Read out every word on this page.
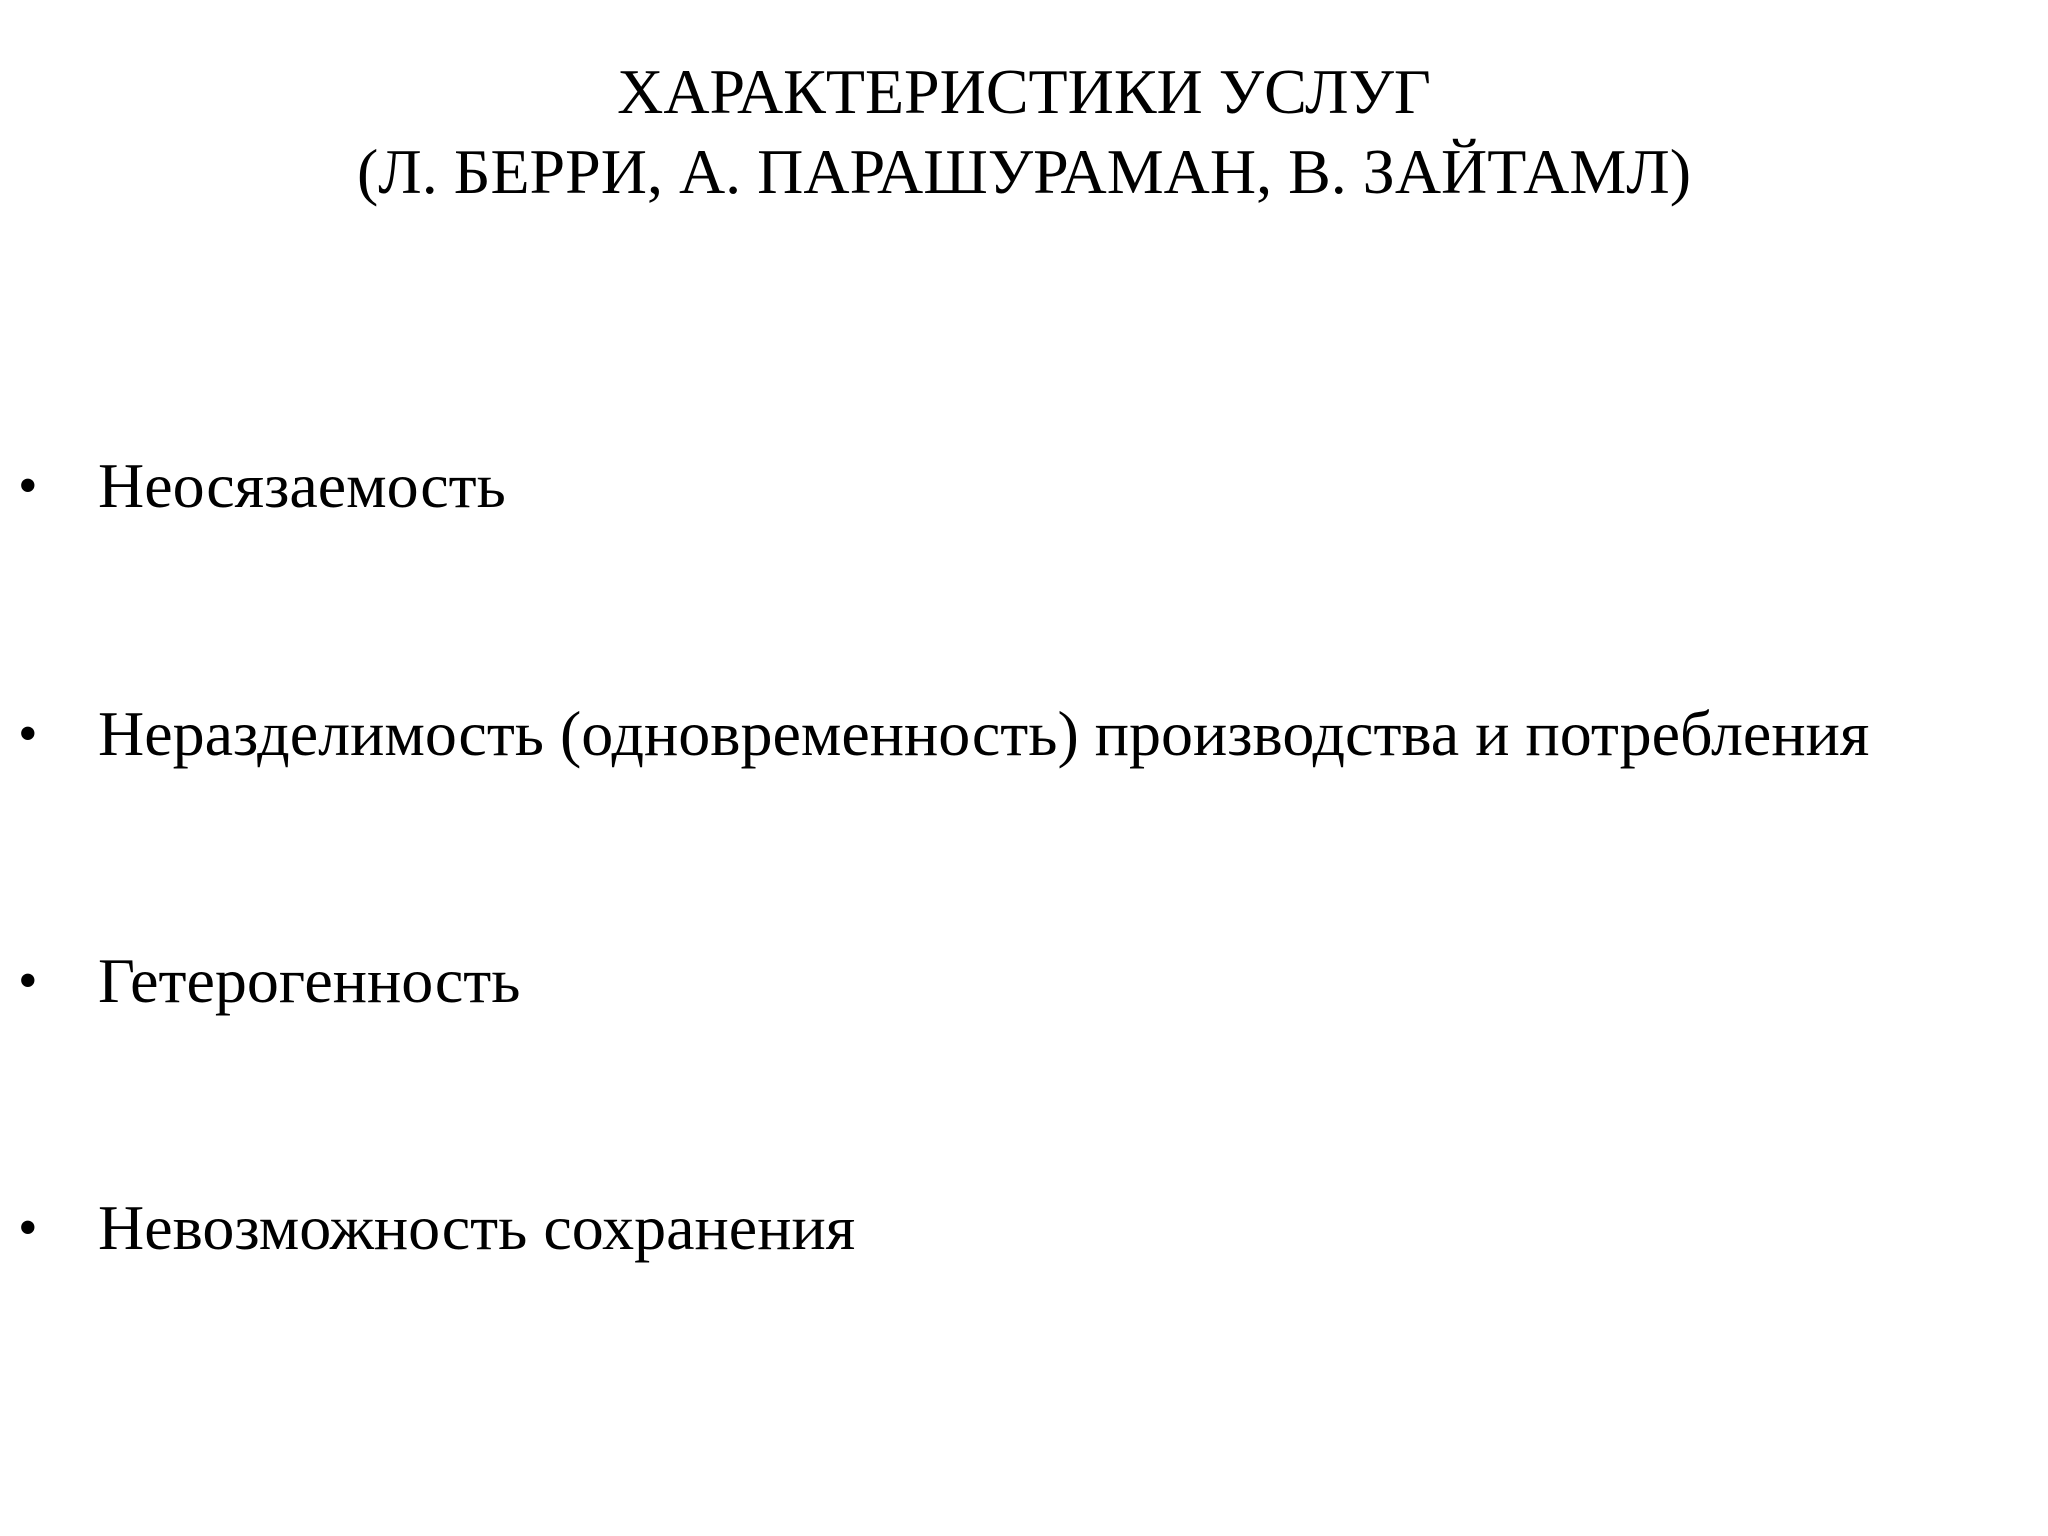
ХАРАКТЕРИСТИКИ УСЛУГ
(Л. БЕРРИ, А. ПАРАШУРАМАН, В. ЗАЙТАМЛ)
• Неосязаемость
• Неразделимость (одновременность) производства и потребления
• Гетерогенность
• Невозможность сохранения
